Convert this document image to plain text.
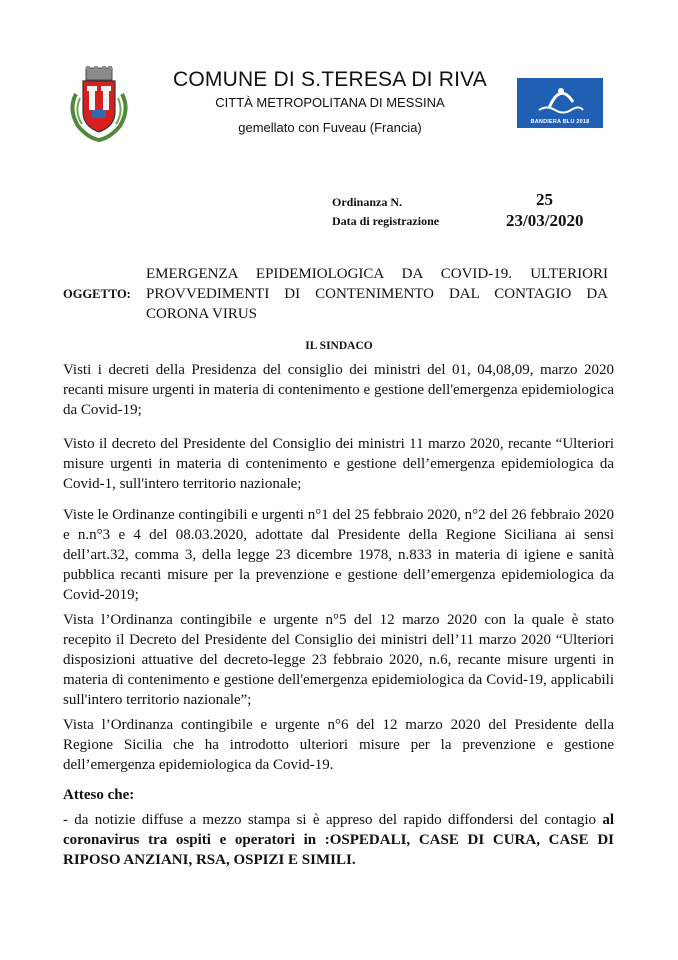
COMUNE DI S.TERESA DI RIVA
CITTÀ METROPOLITANA DI MESSINA
gemellato con Fuveau (Francia)	BANDIERA BLU 2018
Ordinanza N.	25
Data di registrazione	23/03/2020
OGGETTO:
EMERGENZA EPIDEMIOLOGICA DA COVID-19. ULTERIORI PROVVEDIMENTI DI CONTENIMENTO DAL CONTAGIO DA CORONA VIRUS
IL SINDACO

Visti i decreti della Presidenza del consiglio dei ministri del 01, 04,08,09, marzo 2020 recanti misure urgenti in materia di contenimento e gestione dell'emergenza epidemiologica da Covid-19;

Visto il decreto del Presidente del Consiglio dei ministri 11 marzo 2020, recante “Ulteriori misure urgenti in materia di contenimento e gestione dell’emergenza epidemiologica da Covid-1, sull'intero territorio nazionale;

Viste le Ordinanze contingibili e urgenti n°1 del 25 febbraio 2020, n°2 del 26 febbraio 2020 e n.n°3 e 4 del 08.03.2020, adottate dal Presidente della Regione Siciliana ai sensi dell’art.32, comma 3, della legge 23 dicembre 1978, n.833 in materia di igiene e sanità pubblica recanti misure per la prevenzione e gestione dell’emergenza epidemiologica da Covid-2019;

Vista l’Ordinanza contingibile e urgente n°5 del 12 marzo 2020 con la quale è stato recepito il Decreto del Presidente del Consiglio dei ministri dell’11 marzo 2020 “Ulteriori disposizioni attuative del decreto-legge 23 febbraio 2020, n.6, recante misure urgenti in materia di contenimento e gestione dell'emergenza epidemiologica da Covid-19, applicabili sull'intero territorio nazionale”;

Vista l’Ordinanza contingibile e urgente n°6 del 12 marzo 2020 del Presidente della Regione Sicilia che ha introdotto ulteriori misure per la prevenzione e gestione dell’emergenza epidemiologica da Covid-19.

Atteso che:

- da notizie diffuse a mezzo stampa si è appreso del rapido diffondersi del contagio al coronavirus tra ospiti e operatori in :OSPEDALI, CASE DI CURA, CASE DI RIPOSO ANZIANI, RSA, OSPIZI E SIMILI.
